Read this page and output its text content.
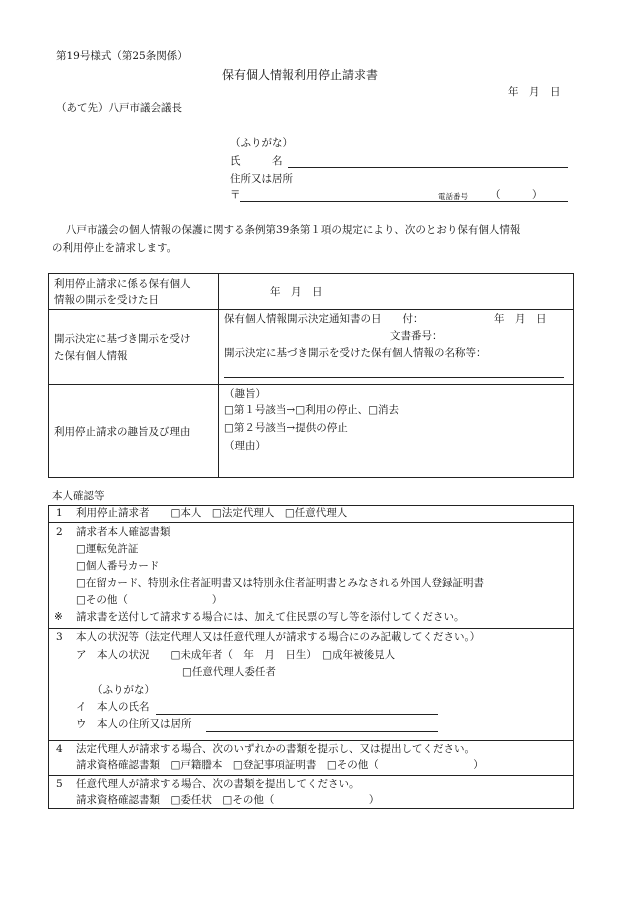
第19号様式（第25条関係）
保有個人情報利用停止請求書
年　月　日
（あて先）八戸市議会議長
（ふりがな）
氏　　　名
住所又は居所
〒	電話番号 （　　　）
八戸市議会の個人情報の保護に関する条例第39条第１項の規定により、次のとおり保有個人情報
の利用停止を請求します。
利用停止請求に係る保有個人
情報の開示を受けた日
年　月　日
開示決定に基づき開示を受け
た保有個人情報
保有個人情報開示決定通知書の日　　付：	年　月　日
文書番号：
開示決定に基づき開示を受けた保有個人情報の名称等：
利用停止請求の趣旨及び理由
（趣旨）
□第１号該当→□利用の停止、□消去
□第２号該当→提供の停止
（理由）
本人確認等
1 利用停止請求者　　□本人　□法定代理人　□任意代理人
2 請求者本人確認書類
□運転免許証
□個人番号カード
□在留カード、特別永住者証明書又は特別永住者証明書とみなされる外国人登録証明書
□その他（　　　　　　　　）
※ 請求書を送付して請求する場合には、加えて住民票の写し等を添付してください。
3 本人の状況等（法定代理人又は任意代理人が請求する場合にのみ記載してください。）
ア　本人の状況　　□未成年者（　年　月　日生）　□成年被後見人
□任意代理人委任者
（ふりがな）
イ　本人の氏名
ウ　本人の住所又は居所
4 法定代理人が請求する場合、次のいずれかの書類を提示し、又は提出してください。
請求資格確認書類　□戸籍謄本　□登記事項証明書　□その他（　　　　　　　　　）
5 任意代理人が請求する場合、次の書類を提出してください。
請求資格確認書類　□委任状　□その他（　　　　　　　　　）
